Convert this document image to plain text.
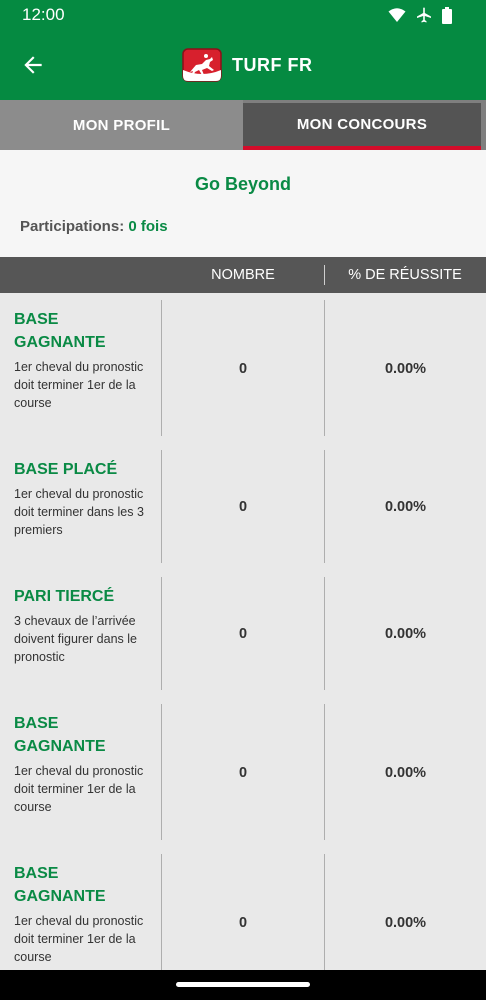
12:00
TURF FR
MON PROFIL	MON CONCOURS
Go Beyond
Participations: 0 fois
NOMBRE	% DE RÉUSSITE
BASE GAGNANTE
1er cheval du pronostic doit terminer 1er de la course
0	0.00%
BASE PLACÉ
1er cheval du pronostic doit terminer dans les 3 premiers
0	0.00%
PARI TIERCÉ
3 chevaux de l’arrivée doivent figurer dans le pronostic
0	0.00%
BASE GAGNANTE
1er cheval du pronostic doit terminer 1er de la course
0	0.00%
BASE GAGNANTE
1er cheval du pronostic doit terminer 1er de la course
0	0.00%
